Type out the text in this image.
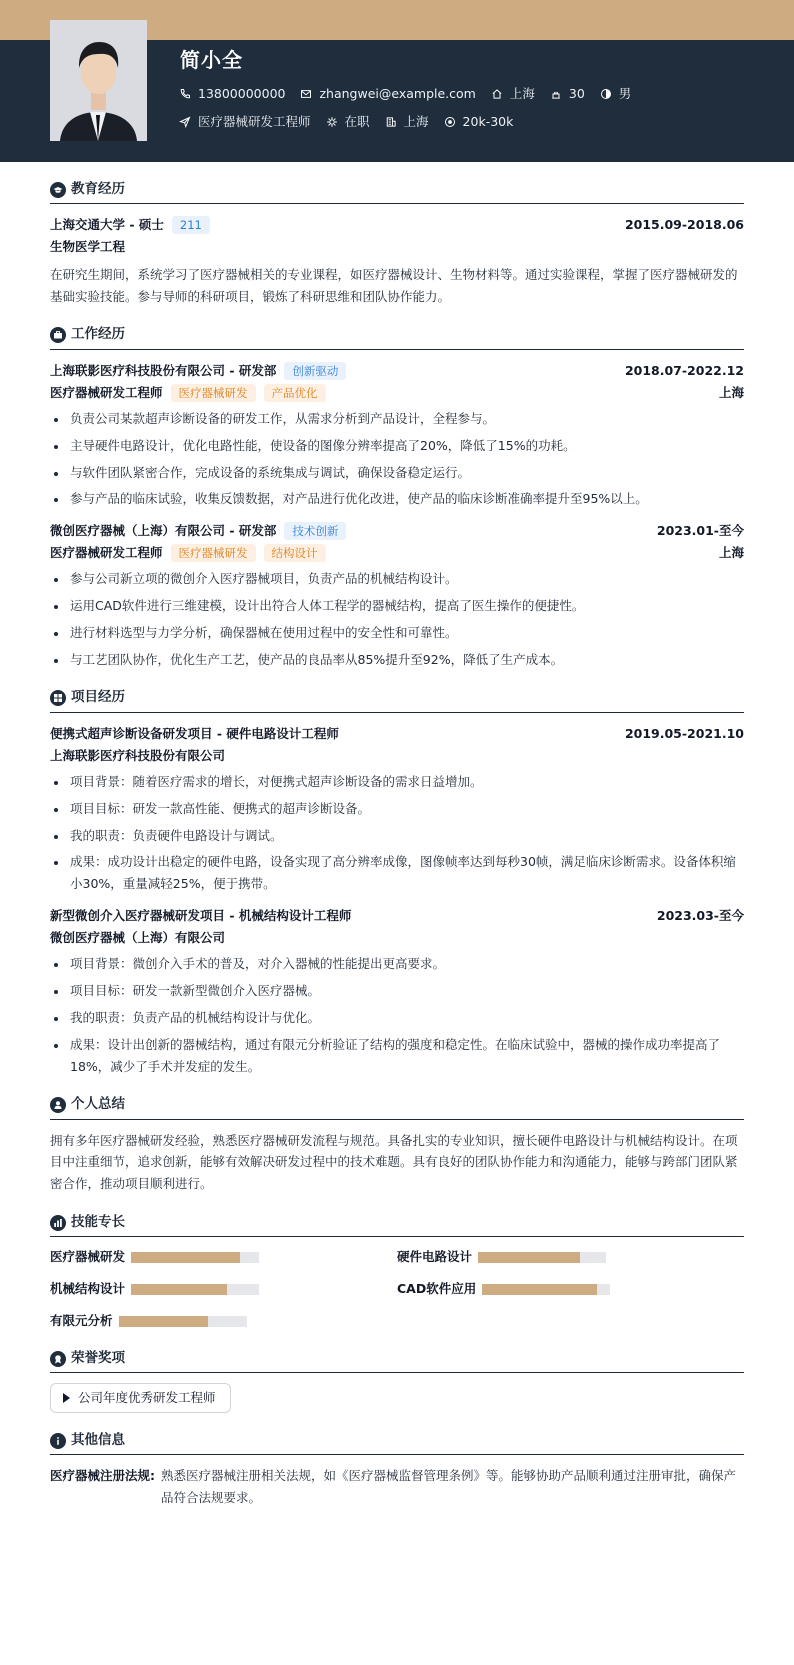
简小全
13800000000	zhangwei@example.com	上海	30	男
医疗器械研发工程师	在职	上海	20k-30k
教育经历
上海交通大学 - 硕士	211	2015.09-2018.06
生物医学工程

在研究生期间，系统学习了医疗器械相关的专业课程，如医疗器械设计、生物材料等。通过实验课程，掌握了医疗器械研发的基础实验技能。参与导师的科研项目，锻炼了科研思维和团队协作能力。

工作经历
上海联影医疗科技股份有限公司 - 研发部	创新驱动	2018.07-2022.12
医疗器械研发工程师	医疗器械研发	产品优化	上海
负责公司某款超声诊断设备的研发工作，从需求分析到产品设计，全程参与。
主导硬件电路设计，优化电路性能，使设备的图像分辨率提高了20%，降低了15%的功耗。
与软件团队紧密合作，完成设备的系统集成与调试，确保设备稳定运行。
参与产品的临床试验，收集反馈数据，对产品进行优化改进，使产品的临床诊断准确率提升至95%以上。
微创医疗器械（上海）有限公司 - 研发部	技术创新	2023.01-至今
医疗器械研发工程师	医疗器械研发	结构设计	上海
参与公司新立项的微创介入医疗器械项目，负责产品的机械结构设计。
运用CAD软件进行三维建模，设计出符合人体工程学的器械结构，提高了医生操作的便捷性。
进行材料选型与力学分析，确保器械在使用过程中的安全性和可靠性。
与工艺团队协作，优化生产工艺，使产品的良品率从85%提升至92%，降低了生产成本。
项目经历
便携式超声诊断设备研发项目 - 硬件电路设计工程师	2019.05-2021.10
上海联影医疗科技股份有限公司
项目背景：随着医疗需求的增长，对便携式超声诊断设备的需求日益增加。
项目目标：研发一款高性能、便携式的超声诊断设备。
我的职责：负责硬件电路设计与调试。
成果：成功设计出稳定的硬件电路，设备实现了高分辨率成像，图像帧率达到每秒30帧，满足临床诊断需求。设备体积缩小30%，重量减轻25%，便于携带。
新型微创介入医疗器械研发项目 - 机械结构设计工程师	2023.03-至今
微创医疗器械（上海）有限公司
项目背景：微创介入手术的普及，对介入器械的性能提出更高要求。
项目目标：研发一款新型微创介入医疗器械。
我的职责：负责产品的机械结构设计与优化。
成果：设计出创新的器械结构，通过有限元分析验证了结构的强度和稳定性。在临床试验中，器械的操作成功率提高了18%，减少了手术并发症的发生。
个人总结

拥有多年医疗器械研发经验，熟悉医疗器械研发流程与规范。具备扎实的专业知识，擅长硬件电路设计与机械结构设计。在项目中注重细节，追求创新，能够有效解决研发过程中的技术难题。具有良好的团队协作能力和沟通能力，能够与跨部门团队紧密合作，推动项目顺利进行。

技能专长
医疗器械研发	硬件电路设计
机械结构设计	CAD软件应用
有限元分析
荣誉奖项
公司年度优秀研发工程师
其他信息
医疗器械注册法规: 熟悉医疗器械注册相关法规，如《医疗器械监督管理条例》等。能够协助产品顺利通过注册审批，确保产品符合法规要求。
